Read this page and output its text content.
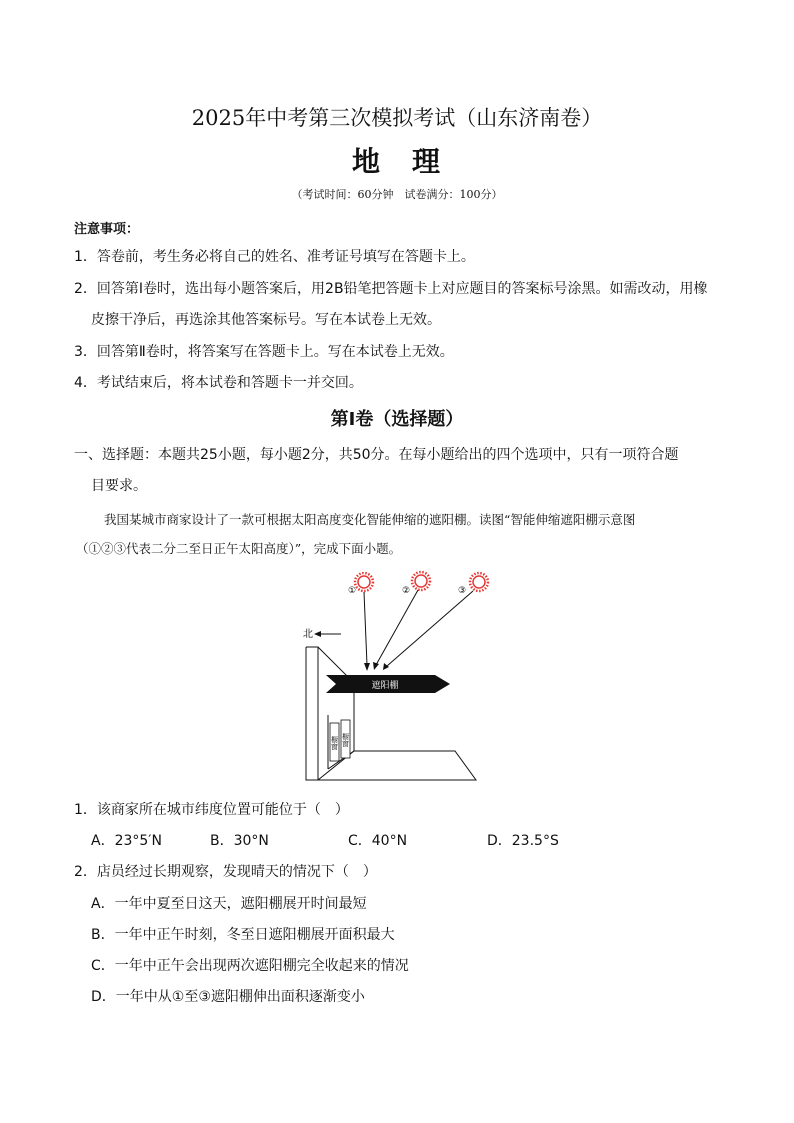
2025年中考第三次模拟考试（山东济南卷）
地 理
（考试时间：60分钟　试卷满分：100分）
注意事项：
1．答卷前，考生务必将自己的姓名、准考证号填写在答题卡上。
2．回答第Ⅰ卷时，选出每小题答案后，用2B铅笔把答题卡上对应题目的答案标号涂黑。如需改动，用橡
皮擦干净后，再选涂其他答案标号。写在本试卷上无效。
3．回答第Ⅱ卷时，将答案写在答题卡上。写在本试卷上无效。
4．考试结束后，将本试卷和答题卡一并交回。
第Ⅰ卷（选择题）
一、选择题：本题共25小题，每小题2分，共50分。在每小题给出的四个选项中，只有一项符合题
目要求。
我国某城市商家设计了一款可根据太阳高度变化智能伸缩的遮阳棚。读图“智能伸缩遮阳棚示意图
（①②③代表二分二至日正午太阳高度）”，完成下面小题。
橱窗 橱窗
遮阳棚
北
①	②	③
1．该商家所在城市纬度位置可能位于（　）
A．23°5′N	B．30°N	C．40°N	D．23.5°S
2．店员经过长期观察，发现晴天的情况下（　）
A．一年中夏至日这天，遮阳棚展开时间最短
B．一年中正午时刻，冬至日遮阳棚展开面积最大
C．一年中正午会出现两次遮阳棚完全收起来的情况
D．一年中从①至③遮阳棚伸出面积逐渐变小
